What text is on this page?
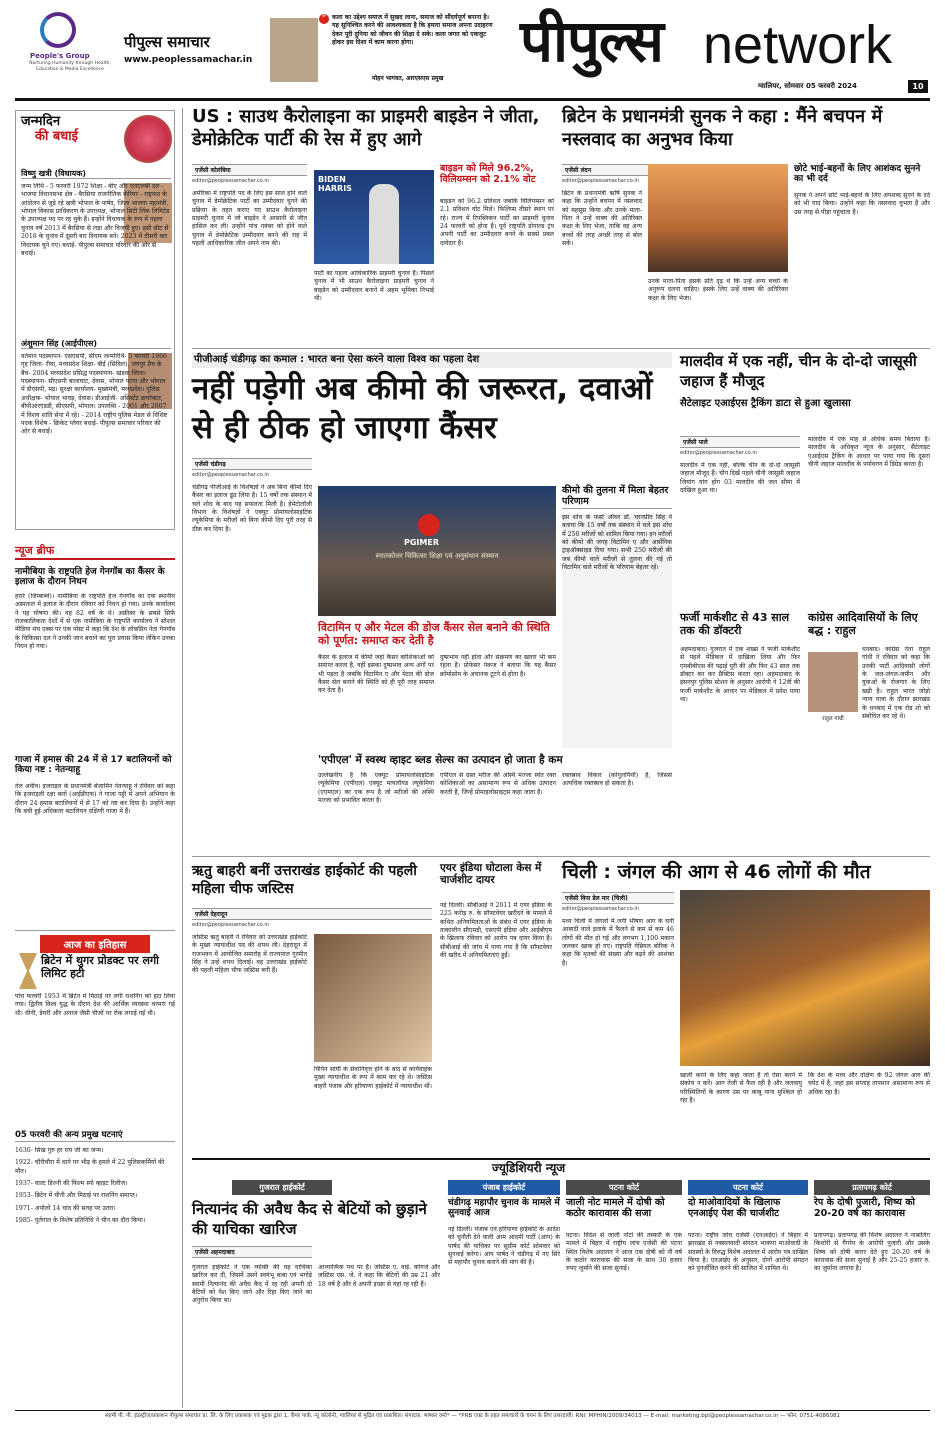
People's Group
Nurturing Humanity through Health, Education & Media Excellence
पीपुल्स समाचार
www.peoplessamachar.in
“ कला का उद्देश्य समाज में सुखद लाना, समाज को सौंदर्यपूर्ण बनाना है। यह सुनिश्चित करने की आवश्यकता है कि हमारा समाज अपना उदाहरण देकर पूरी दुनिया को जीवन की शिक्षा दे सके। कला जगत को एकजुट होकर इस दिशा में काम करना होगा।
मोहन भागवत, आरएसएस प्रमुख
पीपुल्स network
ग्वालियर, सोमवार 05 फरवरी 2024	10
जन्मदिन
की बधाई
विष्णु खत्री (विधायक)
जन्म तिथि - 5 फरवरी 1972 शिक्षा - बीए और एलएलबी दल - भाजपा विधानसभा क्षेत्र - बैरसिया राजनीतिक कॅरियर - राष्ट्रवाद के आंदोलन से जुड़े रहे खत्री भोपाल के पार्षद, जिला भाजपा महामंत्री, भोपाल विकास प्राधिकरण के उपाध्यक्ष, भोपाल सिटी लिंक लिमिटेड के उपाध्यक्ष पद पर रह चुके हैं। इन्होंने विधायक के रूप में पहला चुनाव वर्ष 2013 में बैरसिया से लड़ा और विजयी हुए। इसी सीट से 2018 के चुनाव में दूसरी बार विधायक बने। 2023 में तीसरी बार विधायक चुने गए। बधाई- पीपुल्स समाचार परिवार की ओर से बधाई।
अंशुमान सिंह (आईपीएस)
वर्तमान पदस्थापन- एसएसपी, सीएम जन्मतिथि- 5 फरवरी 1966 गृह जिला- रीवा, मध्यप्रदेश शिक्षा- बीई (सिविल), जयपुर प्रैच के बैच- 2004 मध्यप्रदेश प्रसिद्ध पदस्थापना- खंडवा जिला। पदस्थापना- सीएसपी बालाघाट, देवास, भोपाल पटना और भोपाल में डीएसपी, मद्र। सुरक्षा कार्यालय- मुख्यमंत्री, मध्यप्रदेश। पुलिस अधीक्षक- भोपाल भावड़, देवास। डीआईजी- असिस्टेंट डायरेक्टर, बीपीआरएंडडी, सीएसपी, भोपाल। उपलब्धि - 2001 और 2007 में विशय शांति सेना में रहे। - 2014 राष्ट्रीय पुलिस मेडल से विशिष्ट पदक विशेष - क्रिकेट प्लेयर बधाई- पीपुल्स समाचार परिवार की ओर से बधाई।
न्यूज ब्रीफ
नामीबिया के राष्ट्रपति हेज गेनगॉब का कैंसर के इलाज के दौरान निधन
हरारे (जिम्बाब्वे)। नामीबिया के राष्ट्रपति हेज गेनगॉब का एक स्थानीय अस्पताल में इलाज के दौरान रविवार को निधन हो गया। उनके कार्यालय ने यह घोषणा की। वह 82 वर्ष के थे। अफ्रीका के सबसे सिर्फ राजकालिकता देशों में से एक नामीबिया के राष्ट्रपति कार्यालय ने सोशल मीडिया मंच एक्स पर एक पोस्ट में कहा कि देश के लोकप्रिय नेता गेनगॉब के चिकित्सा दल ने उनकी जान बचाने का पूरा प्रयास किया लेकिन उनका निधन हो गया।
गाजा में हमास की 24 में से 17 बटालियनों को किया नष्ट : नेतन्याहू
तेल अवीव। इजराइल के प्रधानमंत्री बेंजामिन नेतन्याहू ने रविवार को कहा कि इजराइली रक्षा बलों (आईडीएफ) ने गाजा पट्टी में अपने अभियान के दौरान 24 हमास बटालियनों में से 17 को नष्ट कर दिया है। उन्होंने कहा कि बची हुई अधिकतर बटालियन दक्षिणी गाजा में हैं।
आज का इतिहास
ब्रिटेन में थुगर प्रोडक्ट पर लगी लिमिट हटी
पांच फरवरी 1953 में ब्रिटेन में मिठाई पर लगी राशनिंग को हटा लिया गया। द्वितीय विश्व युद्ध के दौरान देश की आर्थिक व्यवस्था चरमरा गई थी। चीनी, डेयरी और अनाज जैसी चीजों पर रोक लगाई गई थी।
05 फरवरी की अन्य प्रमुख घटनाएं
1630- सिख गुरु हर राय जी का जन्म।
1922- चौरीचौरा में थाने पर भीड़ के हमले में 22 पुलिसकर्मियों की मौत।
1937- वाल्ट डिज्नी की फिल्म स्नो व्हाइट रिलीज।
1953- ब्रिटेन में चीनी और मिठाई पर राशनिंग समाप्त।
1971- अपोलो 14 चांद की सतह पर उतरा।
1985- पुर्तगाल के विशेष प्रतिनिधि ने चीन का दौरा किया।
US : साउथ कैरोलाइना का प्राइमरी बाइडेन ने जीता, डेमोक्रेटिक पार्टी की रेस में हुए आगे
एजेंसी कोलंबिया
editor@peoplessamachar.co.in
अमेरिका में राष्ट्रपति पद के लिए इस साल होने वाले चुनाव में डेमोक्रेटिक पार्टी का उम्मीदवार चुनने की प्रक्रिया के तहत कराए गए साउथ कैरोलाइना प्राइमरी चुनाव में जो बाइडेन ने आसानी से जीत हासिल कर ली। उन्होंने पांच नवंबर को होने वाले चुनाव में डेमोक्रेटिक उम्मीदवार बनने की राह में पहली आधिकारिक जीत अपने नाम की।
BIDEN HARRIS
पार्टी का पहला आधिकारिक प्राइमरी चुनाव है। पिछले चुनाव में भी साउथ कैरोलाइना प्राइमरी चुनाव ने बाइडेन को उम्मीदवार बनाने में अहम भूमिका निभाई थी।
बाइडन को मिले 96.2%, विलियम्सन को 2.1% वोट
बाइडन को 96.2 प्रतिशत जबकि विलियम्सन को 2.1 प्रतिशत वोट मिले। फिलिप्स तीसरे स्थान पर रहे। राज्य में रिपब्लिकन पार्टी का प्राइमरी चुनाव 24 फरवरी को होना है। पूर्व राष्ट्रपति डोनाल्ड ट्रंप अपनी पार्टी का उम्मीदवार बनने के सबसे प्रबल दावेदार हैं।
ब्रिटेन के प्रधानमंत्री सुनक ने कहा : मैंने बचपन में नस्लवाद का अनुभव किया
एजेंसी लंदन
editor@peoplessamachar.co.in
ब्रिटेन के प्रधानमंत्री ऋषि सुनक ने कहा कि उन्होंने बचपन में नस्लवाद को महसूस किया और उनके माता-पिता ने उन्हें वाक्य की अतिरिक्त कक्षा के लिए भेजा, ताकि वह अन्य बच्चों की तरह अच्छी तरह से बोल सकें।
उनके माता-पिता इसके प्रति दृढ़ थे कि उन्हें अन्य बच्चों के अनुरूप दलना चाहिए। इसके लिए उन्हें वाक्य की अतिरिक्त कक्षा के लिए भेजा।
छोटे भाई-बहनों के लिए आशंकद सुनने का भी दर्द
सुनक ने अपने छोटे भाई-बहनों के लिए अपशब्द सुनने के दर्द को भी याद किया। उन्होंने कहा कि नस्लवाद चुभता है और उस तरह से पीड़ा पहुंचाता है।
पीजीआई चंडीगढ़ का कमाल : भारत बना ऐसा करने वाला विश्व का पहला देश
नहीं पड़ेगी अब कीमो की जरूरत, दवाओं से ही ठीक हो जाएगा कैंसर
एजेंसी चंडीगढ़
editor@peoplessamachar.co.in
चंडीगढ़ पीजीआई के विशेषज्ञों ने अब बिना कीमो दिए कैंसर का इलाज ढूंढ लिया है। 15 वर्षों तक संस्थान में चले शोध के बाद यह सफलता मिली है। हेमेटोलॉजी विभाग के विशेषज्ञों ने एक्यूट प्रोमायलोसाइटिक ल्यूकेमिया के मरीजों को बिना कीमो दिए पूरी तरह से ठीक कर दिया है।
PGIMER
स्नातकोत्तर चिकित्सा शिक्षा एवं अनुसंधान संस्थान
विटामिन ए और मेटल की डोज कैंसर सेल बनाने की स्थिति को पूर्णत: समाप्त कर देती है
कैंसर के इलाज में कीमो जहां कैंसर कोशिकाओं को समाप्त करता है, वहीं इसका दुष्प्रभाव अन्य अंगों पर भी पड़ता है जबकि विटामिन ए और मेटल की डोज कैंसर सेल बनाने की स्थिति को ही पूरी तरह समाप्त कर देता है।
दुष्प्रभाव नहीं होता और संक्रमण का खतरा भी कम रहता है। प्रोफेसर पंकज ने बताया कि यह कैंसर क्रोमोसोम के अचानक टूटने से होता है।
कीमो की तुलना में मिला बेहतर परिणाम
इस शोध के फर्स्ट ऑथर डॉ. चरनप्रीत सिंह ने बताया कि 15 वर्षों तक संस्थान में चले इस शोध में 250 मरीजों को शामिल किया गया। इन मरीजों को कीमो की जगह विटामिन ए और आर्सेनिक ट्राइऑक्साइड दिया गया। सभी 250 मरीजों की जब कीमो वाले मरीजों से तुलना की गई तो विटामिन वाले मरीजों के परिणाम बेहतर रहे।
'एपीएल' में स्वस्थ व्हाइट ब्लड सेल्स का उत्पादन हो जाता है कम
उल्लेखनीय है कि एक्यूट प्रोमायलोसाइटिक ल्यूकेमिया (एपीएल) एक्यूट मायलॉयड ल्यूकेमिया (एएमएल) का एक रूप है जो मरीजों की अस्थि मज्जा को प्रभावित करता है।
एपीएल से ग्रस्त मरीज की अस्थि मज्जा स्वेत रक्त कोशिकाओं का असामान्य रूप से अधिक उत्पादन करती है, जिन्हें प्रोमाइलोसाइट्स कहा जाता है।
रक्तस्राव विकार (कोगुलोपैथी) है, जिससे अत्यधिक रक्तस्राव हो सकता है।
मालदीव में एक नहीं, चीन के दो-दो जासूसी जहाज हैं मौजूद
सैटेलाइट एआईएस ट्रैकिंग डाटा से हुआ खुलासा
एजेंसी माले
editor@peoplessamachar.co.in
मालदीव में एक नहीं, बल्कि चीन के दो-दो जासूसी जहाज मौजूद हैं। चीन दिखें पहले चीनी जासूसी जहाज जियांग यांग होंग 03 मालदीव की जल सीमा में दाखिल हुआ था।
मालदीव में एक माह से अधिक समय बिताया है। मालदीव के अधिकृत न्यूज के अनुसार, सैटेलाइट एआईएस ट्रैकिंग के आधार पर पाया गया कि दूसरा चीनी जहाज मालदीव के पर्यावरण में डिग्रेड करता है।
फर्जी मार्कशीट से 43 साल तक की डॉक्टरी
अहमदाबाद। गुजरात में एक शख्स ने फर्जी मार्कशीट से पहले मेडिकल में दाखिला लिया और फिर एमबीबीएस की पढ़ाई पूरी की और फिर 43 साल तक डॉक्टर बन कर प्रैक्टिस करता रहा। अहमदाबाद के इसनपुर पुलिस स्टेशन के अनुसार आरोपी ने 12वीं की फर्जी मार्कशीट के आधार पर मेडिकल में प्रवेश पाया था।
कांग्रेस आदिवासियों के लिए बद्ध : राहुल
राहुल गांधी
धनबाद। कांग्रेस नेता राहुल गांधी ने रविवार को कहा कि उनकी पार्टी आदिवासी लोगों के जल-जंगल-जमीन और युवाओं के रोजगार के लिए खड़ी है। राहुल भारत जोड़ो न्याय यात्रा के दौरान झारखंड के धनबाद में एक रोड शो को संबोधित कर रहे थे।
ऋतु बाहरी बनीं उत्तराखंड हाईकोर्ट की पहली महिला चीफ जस्टिस
एजेंसी देहरादून
editor@peoplessamachar.co.in
जस्टिस ऋतु बाहरी ने रविवार को उत्तराखंड हाईकोर्ट के मुख्य न्यायाधीश पद की शपथ ली। देहरादून में राजभवन में आयोजित समारोह में राज्यपाल गुरमीत सिंह ने उन्हें शपथ दिलाई। वह उत्तराखंड हाईकोर्ट की पहली महिला चीफ जस्टिस बनी हैं।
विपिन सांघी के सेवानिवृत्त होने के बाद से कार्यवाहक मुख्य न्यायाधीश के रूप में काम कर रहे थे। जस्टिस बाहरी पंजाब और हरियाणा हाईकोर्ट में न्यायाधीश थीं।
एयर इंडिया घोटाला केस में चार्जशीट दायर
नई दिल्ली। सीबीआई ने 2011 में एयर इंडिया के 225 करोड़ रु. के सॉफ्टवेयर खरीदने के मामले में कथित अनियमितताओं के संबंध में एयर इंडिया के तत्कालीन सीएमडी, एसएपी इंडिया और आईबीएम के खिलाफ रविवार को आरोप पत्र दायर किया है। सीबीआई की जांच में पाया गया है कि सॉफ्टवेयर की खरीद में अनियमितताएं हुईं।
चिली : जंगल की आग से 46 लोगों की मौत
एजेंसी विना डेल मार (चिली)
editor@peoplessamachar.co.in
मध्य चिली में जंगलों में लगी भीषण आग के घनी आबादी वाले इलाके में फैलने से कम से कम 46 लोगों की मौत हो गई और लगभग 1,100 मकान जलकर खाक हो गए। राष्ट्रपति गेब्रियल बोरिक ने कहा कि मृतकों की संख्या और बढ़ने की आशंका है।
खाली करने के लिए कहा जाता है तो ऐसा करने में संकोच न करें। आग तेजी से फैल रही है और जलवायु परिस्थितियों के कारण उस पर काबू पाना मुश्किल हो रहा है।
कि देश के मध्य और दक्षिण के 92 जंगल आग की चपेट में हैं, जहां इस सप्ताह तापमान असामान्य रूप से अधिक रहा है।
ज्यूडिशियरी न्यूज
गुजरात हाईकोर्ट
नित्यानंद की अवैध कैद से बेटियों को छुड़ाने की याचिका खारिज
एजेंसी अहमदाबाद
गुजरात हाईकोर्ट ने एक व्यक्ति की वह याचिका खारिज कर दी, जिसमें उसने स्वयंभू बाबा एवं भगोड़े स्वामी नित्यानंद की अवैध कैद में रह रही अपनी दो बेटियों को पेश किए जाने और रिहा किए जाने का अनुरोध किया था।
आध्यात्मिक पथ पर हैं। जस्टिस ए. वाई. कोगजे और जस्टिस एस. जे. ने कहा कि बेटियों की उम्र 21 और 18 वर्ष है और वे अपनी इच्छा से वहां रह रही हैं।
पंजाब हाईकोर्ट
चंडीगढ़ महापौर चुनाव के मामले में सुनवाई आज
नई दिल्ली। पंजाब एवं हरियाणा हाईकोर्ट के आदेश को चुनौती देने वाली आम आदमी पार्टी (आप) के पार्षद की याचिका पर सुप्रीम कोर्ट सोमवार को सुनवाई करेगा। आप पार्षद ने चंडीगढ़ में नए सिरे से महापौर चुनाव कराने की मांग की है।
पटना कोर्ट
जाली नोट मामले में दोषी को कठोर कारावास की सजा
पटना। विदेश से जाली नोटों की तस्करी के एक मामले में बिहार में राष्ट्रीय जांच एजेंसी की पटना स्थित विशेष अदालत ने आज एक दोषी को नौ वर्ष के कठोर कारावास की सजा के साथ 30 हजार रुपए जुर्माने की सजा सुनाई।
पटना कोर्ट
दो माओवादियों के खिलाफ एनआईए पेश की चार्जशीट
पटना। राष्ट्रीय जांच एजेंसी (एनआईए) ने बिहार में झारखंड से नक्सलवादी संगठन भाकपा माओवादी के सदस्यों के विरुद्ध विशेष अदालत में आरोप पत्र दाखिल किया है। एनआईए के अनुसार, दोनों आरोपी संगठन को पुनर्जीवित करने की साजिश में शामिल थे।
प्रतापगढ़ कोर्ट
रेप के दोषी पुजारी, शिष्य को 20-20 वर्ष का कारावास
प्रतापगढ़। प्रतापगढ़ की विशेष अदालत ने नाबालिग किशोरी से गैंगरेप के आरोपी पुजारी और उसके शिष्य को दोषी करार देते हुए 20-20 वर्ष के कारावास की सजा सुनाई है और 25-25 हजार रु. का जुर्माना लगाया है।
स्वामी पी. पी. इंडस्ट्रीज/प्रकाशन पीपुल्स समाचार प्रा. लि. के लिए प्रकाशक एवं मुद्रक द्वारा 1, कैंपर पार्क, न्यू कॉलोनी, ग्वालियर से मुद्रित एवं प्रकाशित। संपादक: भाष्कर वर्मा* — *PRB एक्ट के तहत समाचारों के चयन के लिए उत्तरदायी। RNI: MPHIN/2009/34013 — E-mail: marketing.bpl@peoplessamachar.co.in — फोन: 0751-4086081
